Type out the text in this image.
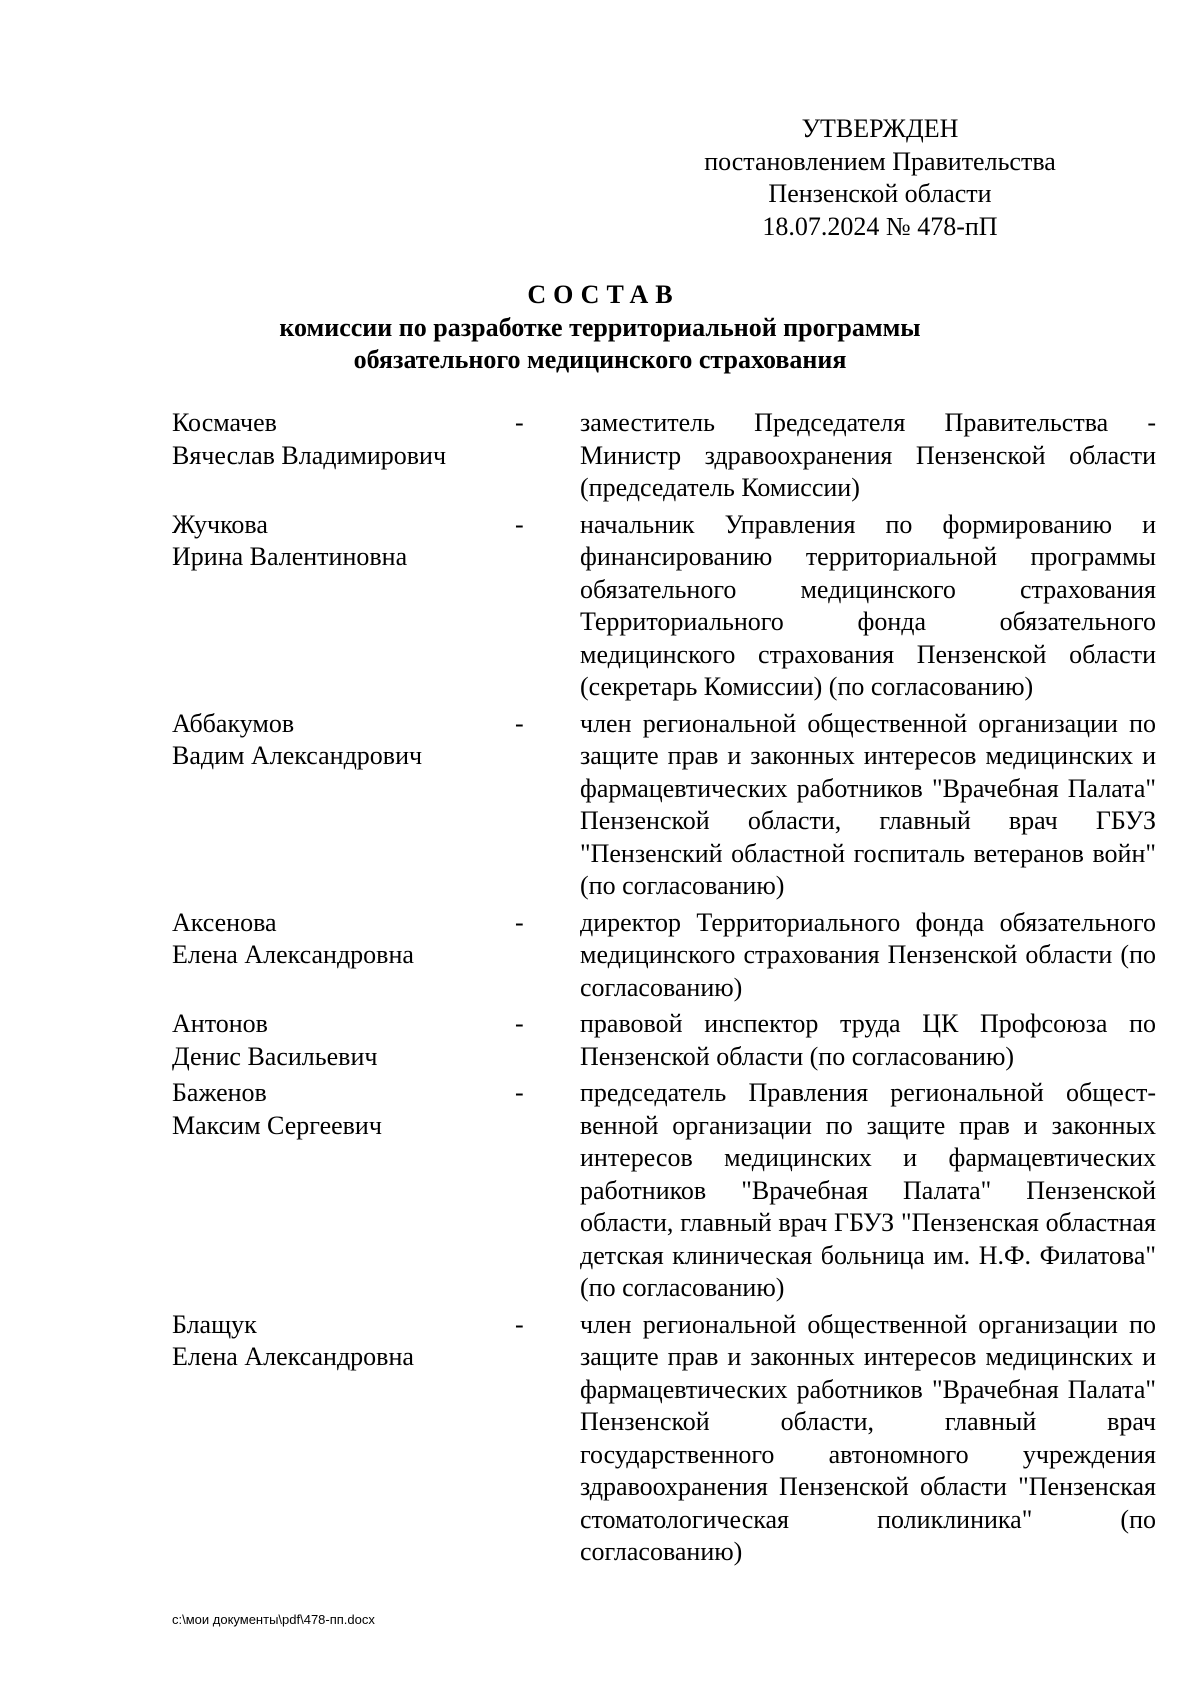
УТВЕРЖДЕН
постановлением Правительства
Пензенской области
18.07.2024 № 478-пП
СОСТАВ
комиссии по разработке территориальной программы
обязательного медицинского страхования
Космачев
Вячеслав Владимирович
-	заместитель Председателя Правительства - Министр здравоохранения Пензенской области (председатель Комиссии)
Жучкова
Ирина Валентиновна
-	начальник Управления по формированию и финансированию территориальной программы обязательного медицинского страхования Территориального фонда обязательного медицинского страхования Пензенской области (секретарь Комиссии) (по согласованию)
Аббакумов
Вадим Александрович
-	член региональной общественной организации по защите прав и законных интересов медицинских и фармацевтических работников "Врачебная Палата" Пензенской области, главный врач ГБУЗ "Пензенский областной госпиталь ветеранов войн" (по согласованию)
Аксенова
Елена Александровна
-	директор Территориального фонда обязательного медицинского страхования Пензенской области (по согласованию)
Антонов
Денис Васильевич
-	правовой инспектор труда ЦК Профсоюза по Пензенской области (по согласованию)
Баженов
Максим Сергеевич
-	председатель Правления региональной общест-венной организации по защите прав и законных интересов медицинских и фармацевтических работников "Врачебная Палата" Пензенской области, главный врач ГБУЗ "Пензенская областная детская клиническая больница им. Н.Ф. Филатова" (по согласованию)
Блащук
Елена Александровна
-	член региональной общественной организации по защите прав и законных интересов медицинских и фармацевтических работников "Врачебная Палата" Пензенской области, главный врач государственного автономного учреждения здравоохранения Пензенской области "Пензенская стоматологическая поликлиника" (по согласованию)
c:\мои документы\pdf\478-пп.docx
